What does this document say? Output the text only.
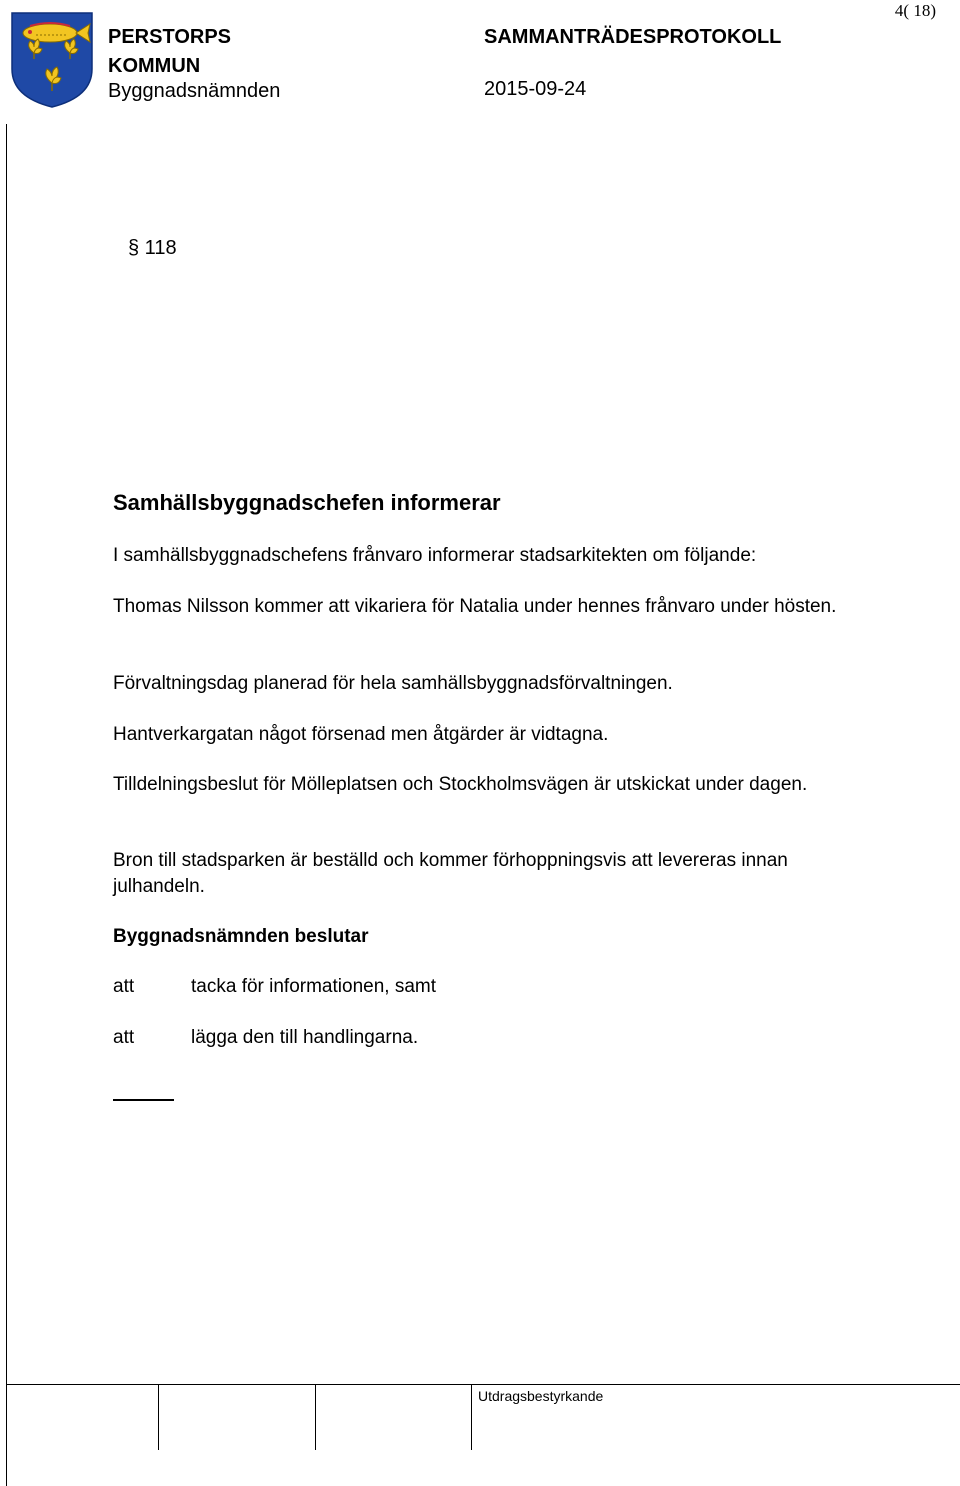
PERSTORPS
KOMMUN
Byggnadsnämnden
SAMMANTRÄDESPROTOKOLL
2015-09-24
4( 18)
§ 118
Samhällsbyggnadschefen informerar
I samhällsbyggnadschefens frånvaro informerar stadsarkitekten om följande:
Thomas Nilsson kommer att vikariera för Natalia under hennes frånvaro under hösten.
Förvaltningsdag planerad för hela samhällsbyggnadsförvaltningen.
Hantverkargatan något försenad men åtgärder är vidtagna.
Tilldelningsbeslut för Mölleplatsen och Stockholmsvägen är utskickat under dagen.
Bron till stadsparken är beställd och kommer förhoppningsvis att levereras innan julhandeln.
Byggnadsnämnden beslutar
att	tacka för informationen, samt
att	lägga den till handlingarna.
Utdragsbestyrkande
